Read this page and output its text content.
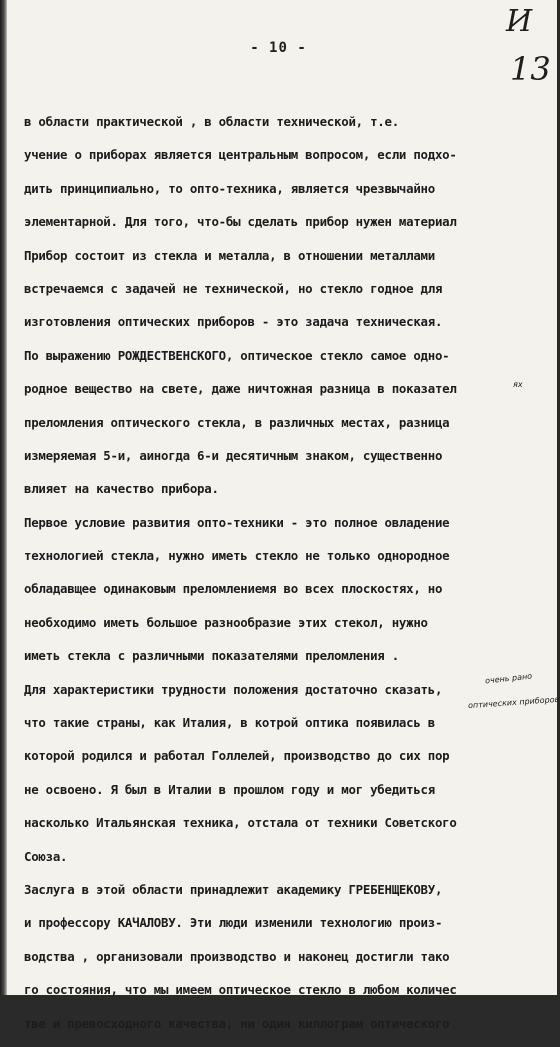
И
13
- 10 -
в области практической , в области технической, т.е.
учение о приборах является центральным вопросом, если подхо-
дить принципиально, то опто-техника, является чрезвычайно
элементарной. Для того, что-бы сделать прибор нужен материал
Прибор состоит из стекла и металла, в отношении металлами
встречаемся с задачей не технической, но стекло годное для
изготовления оптических приборов - это задача техническая.
По выражению РОЖДЕСТВЕНСКОГО, оптическое стекло самое одно-
родное вещество на свете, даже ничтожная разница в показател
преломления оптического стекла, в различных местах, разница
измеряемая 5-и, аиногда 6-и десятичным знаком, существенно
влияет на качество прибора.
Первое условие развития опто-техники - это полное овладение
технологией стекла, нужно иметь стекло не только однородное
обладавщее одинаковым преломлениемя во всех плоскостях, но
необходимо иметь большое разнообразие этих стекол, нужно
иметь стекла с различными показателями преломления .
Для характеристики трудности положения достаточно сказать,
что такие страны, как Италия, в котрой оптика появилась в
которой родился и работал Голлелей, производство до сих пор
не освоено. Я был в Италии в прошлом году и мог убедиться
насколько Итальянская техника, отстала от техники Советского
Союза.
Заслуга в этой области принадлежит академику ГРЕБЕНЩЕКОВУ,
и профессору КАЧАЛОВУ. Эти люди изменили технологию произ-
водства , организовали производство и наконец достигли тако
го состояния, что мы имеем оптическое стекло в любом количес
тве и превосходного качества, ни один киллограм оптического
ях
очень рано
оптических приборов
